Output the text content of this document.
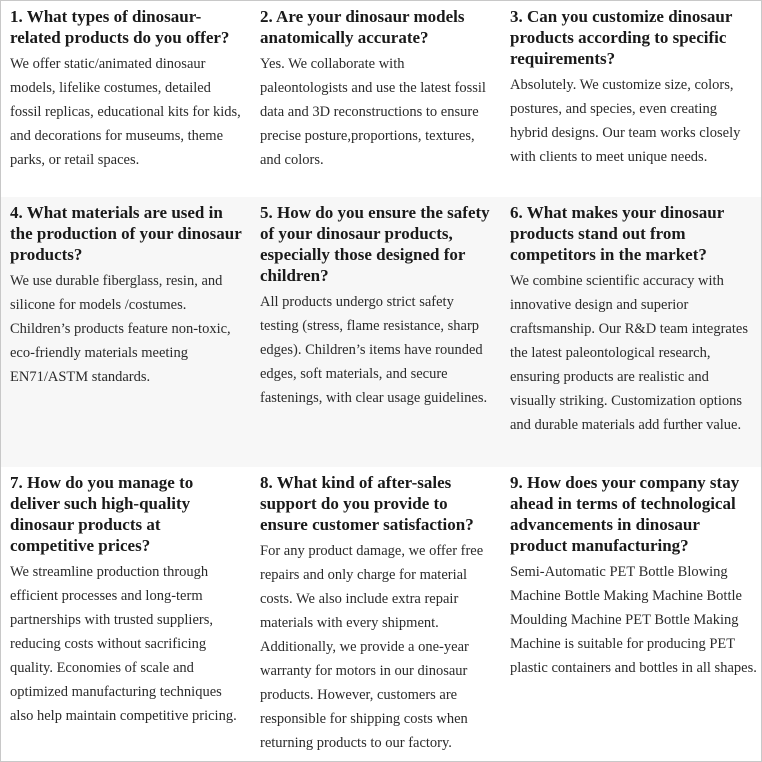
1. What types of dinosaur-related products do you offer?

We offer static/animated dinosaur models, lifelike costumes, detailed fossil replicas, educational kits for kids, and decorations for museums, theme parks, or retail spaces.

2. Are your dinosaur models anatomically accurate?

Yes. We collaborate with paleontologists and use the latest fossil data and 3D reconstructions to ensure precise posture,proportions, textures, and colors.

3. Can you customize dinosaur products according to specific requirements?

Absolutely. We customize size, colors, postures, and species, even creating hybrid designs. Our team works closely with clients to meet unique needs.

4. What materials are used in the production of your dinosaur products?

We use durable fiberglass, resin, and silicone for models /costumes. Children’s products feature non-toxic, eco-friendly materials meeting EN71/ASTM standards.

5. How do you ensure the safety of your dinosaur products, especially those designed for children?

All products undergo strict safety testing (stress, flame resistance, sharp edges). Children’s items have rounded edges, soft materials, and secure fastenings, with clear usage guidelines.

6. What makes your dinosaur products stand out from competitors in the market?

We combine scientific accuracy with innovative design and superior craftsmanship. Our R&D team integrates the latest paleontological research, ensuring products are realistic and visually striking. Customization options and durable materials add further value.

7. How do you manage to deliver such high-quality dinosaur products at competitive prices?

We streamline production through efficient processes and long-term partnerships with trusted suppliers, reducing costs without sacrificing quality. Economies of scale and optimized manufacturing techniques also help maintain competitive pricing.

8. What kind of after-sales support do you provide to ensure customer satisfaction?

For any product damage, we offer free repairs and only charge for material costs. We also include extra repair materials with every shipment. Additionally, we provide a one-year warranty for motors in our dinosaur products. However, customers are responsible for shipping costs when returning products to our factory.

9. How does your company stay ahead in terms of technological advancements in dinosaur product manufacturing?

Semi-Automatic PET Bottle Blowing Machine Bottle Making Machine Bottle Moulding Machine PET Bottle Making Machine is suitable for producing PET plastic containers and bottles in all shapes.
